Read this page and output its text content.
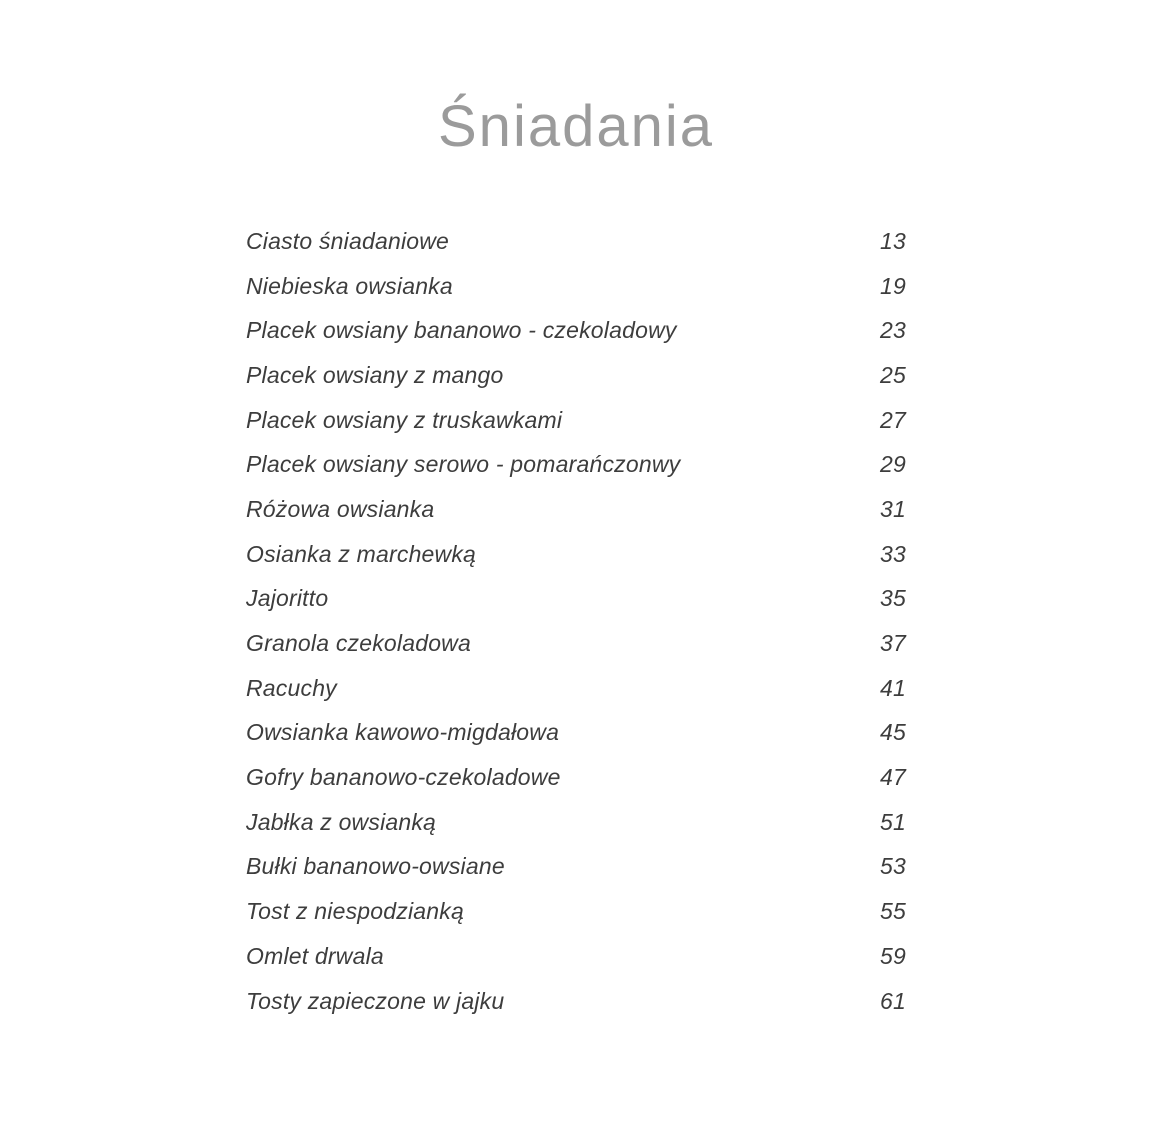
Śniadania
Ciasto śniadaniowe	13
Niebieska owsianka	19
Placek owsiany bananowo - czekoladowy	23
Placek owsiany z mango	25
Placek owsiany z truskawkami	27
Placek owsiany serowo - pomarańczonwy	29
Różowa owsianka	31
Osianka z marchewką	33
Jajoritto	35
Granola czekoladowa	37
Racuchy	41
Owsianka kawowo-migdałowa	45
Gofry bananowo-czekoladowe	47
Jabłka z owsianką	51
Bułki bananowo-owsiane	53
Tost z niespodzianką	55
Omlet drwala	59
Tosty zapieczone w jajku	61
